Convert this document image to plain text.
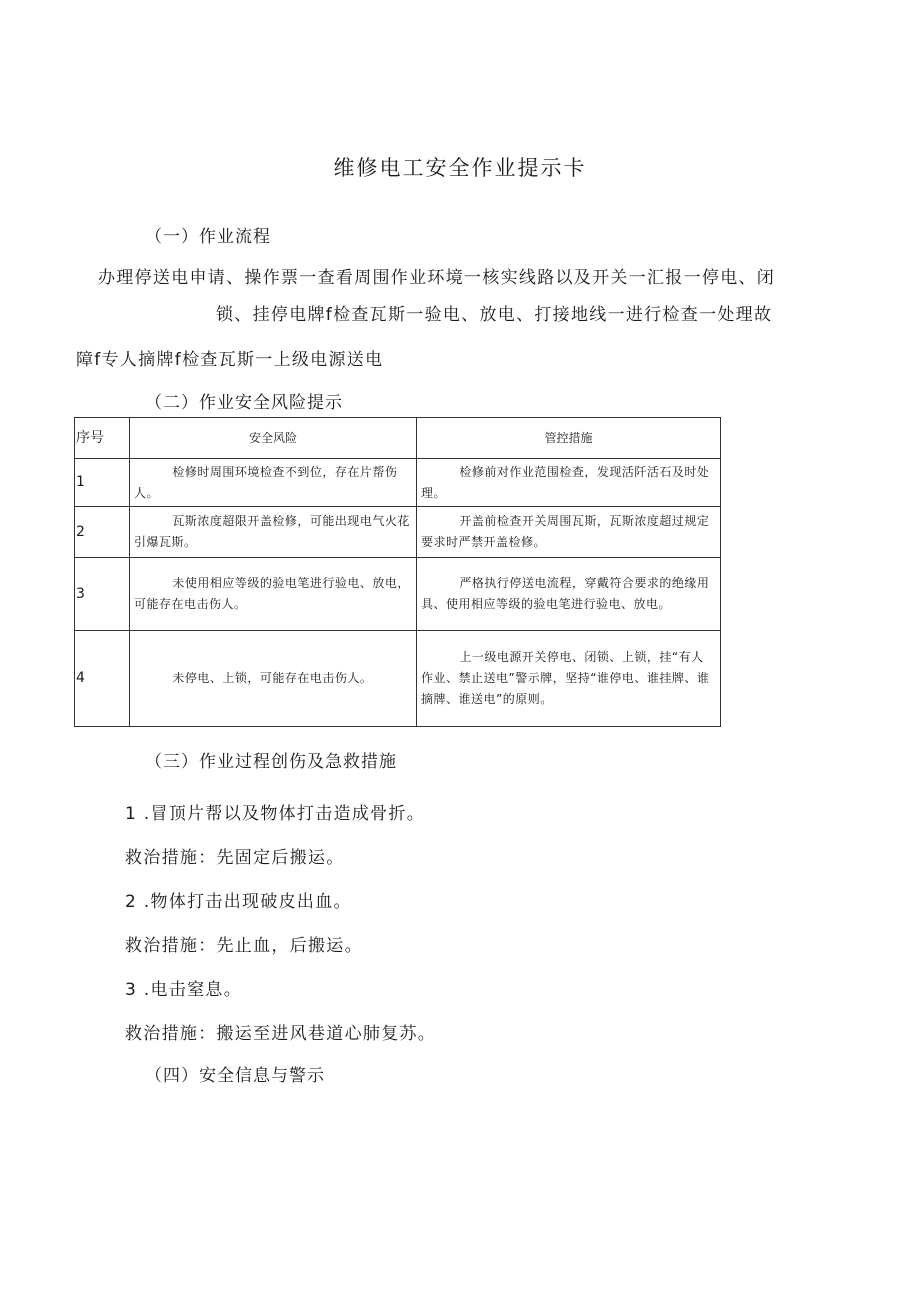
维修电工安全作业提示卡
（一）作业流程
办理停送电申请、操作票一查看周围作业环境一核实线路以及开关一汇报一停电、闭
锁、挂停电牌f检查瓦斯一验电、放电、打接地线一进行检查一处理故
障f专人摘牌f检查瓦斯一上级电源送电
（二）作业安全风险提示
序号	安全风险	管控措施
1	检修时周围环境检查不到位，存在片帮伤人。	检修前对作业范围检查，发现活阡活石及时处理。
2	瓦斯浓度超限开盖检修，可能出现电气火花引爆瓦斯。	开盖前检查开关周围瓦斯，瓦斯浓度超过规定要求时严禁开盖检修。
3	未使用相应等级的验电笔进行验电、放电，可能存在电击伤人。	严格执行停送电流程，穿戴符合要求的绝缘用具、使用相应等级的验电笔进行验电、放电。
4	未停电、上锁，可能存在电击伤人。	上一级电源开关停电、闭锁、上锁，挂“有人作业、禁止送电”警示牌，坚持“谁停电、谁挂牌、谁摘牌、谁送电”的原则。
（三）作业过程创伤及急救措施
1 .冒顶片帮以及物体打击造成骨折。
救治措施：先固定后搬运。
2 .物体打击出现破皮出血。
救治措施：先止血，后搬运。
3 .电击窒息。
救治措施：搬运至进风巷道心肺复苏。
（四）安全信息与警示
